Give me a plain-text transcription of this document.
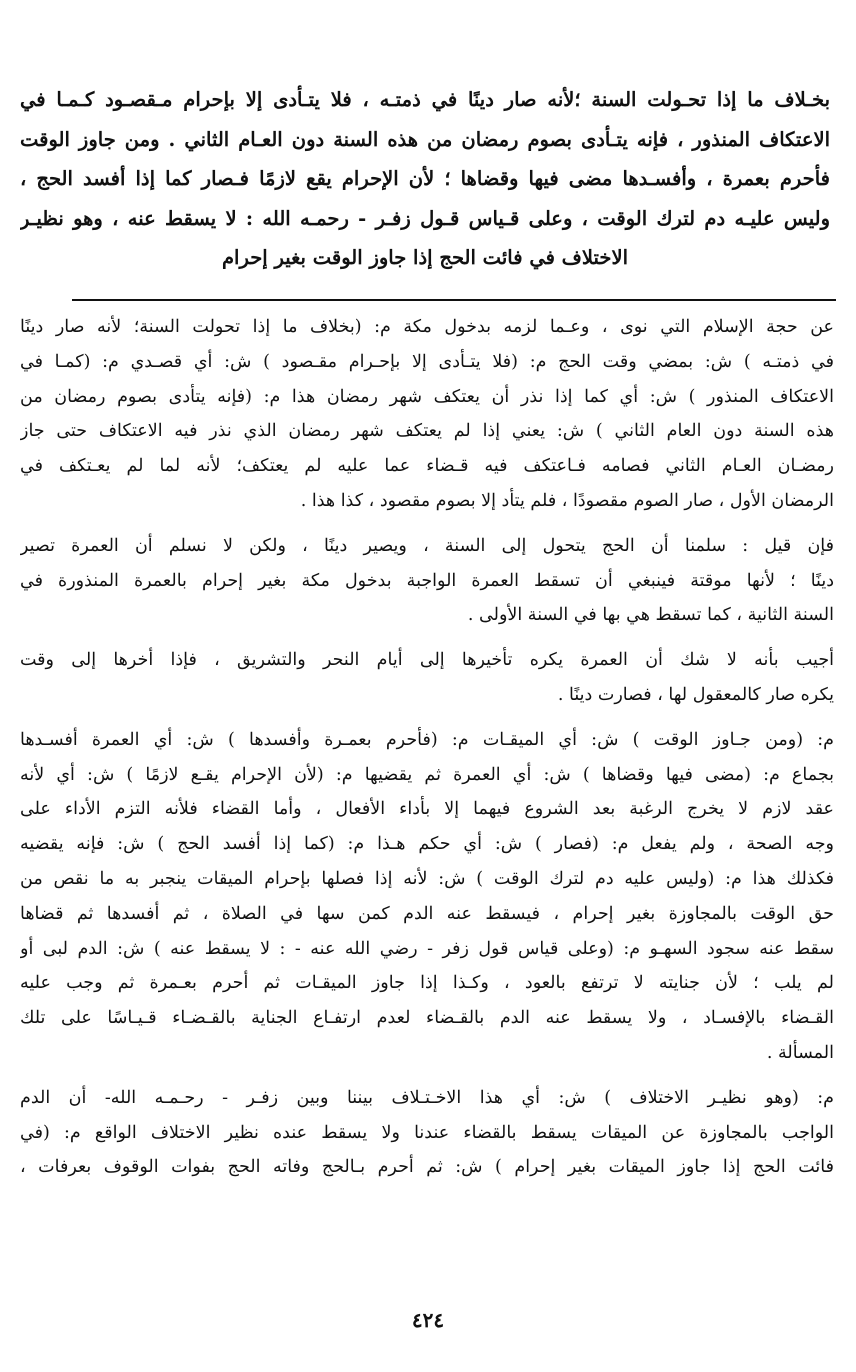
بخـلاف ما إذا تحـولت السنة ؛لأنه صار دينًا في ذمتـه ، فلا يتـأدى إلا بإحرام مـقصـود كـمـا في
الاعتكاف المنذور ، فإنه يتـأدى بصوم رمضان من هذه السنة دون العـام الثاني . ومن جاوز الوقت
فأحرم بعمرة ، وأفسـدها مضى فيها وقضاها ؛ لأن الإحرام يقع لازمًا فـصار كما إذا أفسد الحج ،
وليس عليـه دم لترك الوقت ، وعلى قـياس قـول زفـر - رحمـه الله : لا يسقط عنه ، وهو نظيـر
الاختلاف في فائت الحج إذا جاوز الوقت بغير إحرام
عن حجة الإسلام التي نوى ، وعـما لزمه بدخول مكة م: (بخلاف ما إذا تحولت السنة؛ لأنه صار دينًا
في ذمتـه ) ش: بمضي وقت الحج م: (فلا يتـأدى إلا بإحـرام مقـصود ) ش: أي قصـدي م: (كمـا في
الاعتكاف المنذور ) ش: أي كما إذا نذر أن يعتكف شهر رمضان هذا م: (فإنه يتأدى بصوم رمضان من
هذه السنة دون العام الثاني ) ش: يعني إذا لم يعتكف شهر رمضان الذي نذر فيه الاعتكاف حتى جاز
رمضـان العـام الثاني فصامه فـاعتكف فيه قـضاء عما عليه لم يعتكف؛ لأنه لما لم يعـتكف في
الرمضان الأول ، صار الصوم مقصودًا ، فلم يتأد إلا بصوم مقصود ، كذا هذا .
فإن قيل : سلمنا أن الحج يتحول إلى السنة ، ويصير دينًا ، ولكن لا نسلم أن العمرة تصير
دينًا ؛ لأنها موقتة فينبغي أن تسقط العمرة الواجبة بدخول مكة بغير إحرام بالعمرة المنذورة في
السنة الثانية ، كما تسقط هي بها في السنة الأولى .
أجيب بأنه لا شك أن العمرة يكره تأخيرها إلى أيام النحر والتشريق ، فإذا أخرها إلى وقت
يكره صار كالمعقول لها ، فصارت دينًا .
م: (ومن جـاوز الوقت ) ش: أي الميقـات م: (فأحرم بعمـرة وأفسدها ) ش: أي العمرة أفسـدها
بجماع م: (مضى فيها وقضاها ) ش: أي العمرة ثم يقضيها م: (لأن الإحرام يقـع لازمًا ) ش: أي لأنه
عقد لازم لا يخرج الرغبة بعد الشروع فيهما إلا بأداء الأفعال ، وأما القضاء فلأنه التزم الأداء على
وجه الصحة ، ولم يفعل م: (فصار ) ش: أي حكم هـذا م: (كما إذا أفسد الحج ) ش: فإنه يقضيه
فكذلك هذا م: (وليس عليه دم لترك الوقت ) ش: لأنه إذا فصلها بإحرام الميقات ينجبر به ما نقص من
حق الوقت بالمجاوزة بغير إحرام ، فيسقط عنه الدم كمن سها في الصلاة ، ثم أفسدها ثم قضاها
سقط عنه سجود السهـو م: (وعلى قياس قول زفر - رضي الله عنه - : لا يسقط عنه ) ش: الدم لبى أو
لم يلب ؛ لأن جنايته لا ترتفع بالعود ، وكـذا إذا جاوز الميقـات ثم أحرم بعـمرة ثم وجب عليه
القـضاء بالإفسـاد ، ولا يسقط عنه الدم بالقـضاء لعدم ارتفـاع الجناية بالقـضـاء قـيـاسًا على تلك
المسألة .
م: (وهو نظيـر الاختلاف ) ش: أي هذا الاخـتـلاف بيننا وبين زفـر - رحـمـه الله- أن الدم
الواجب بالمجاوزة عن الميقات يسقط بالقضاء عندنا ولا يسقط عنده نظير الاختلاف الواقع م: (في
فائت الحج إذا جاوز الميقات بغير إحرام ) ش: ثم أحرم بـالحج وفاته الحج بفوات الوقوف بعرفات ،
٤٢٤
